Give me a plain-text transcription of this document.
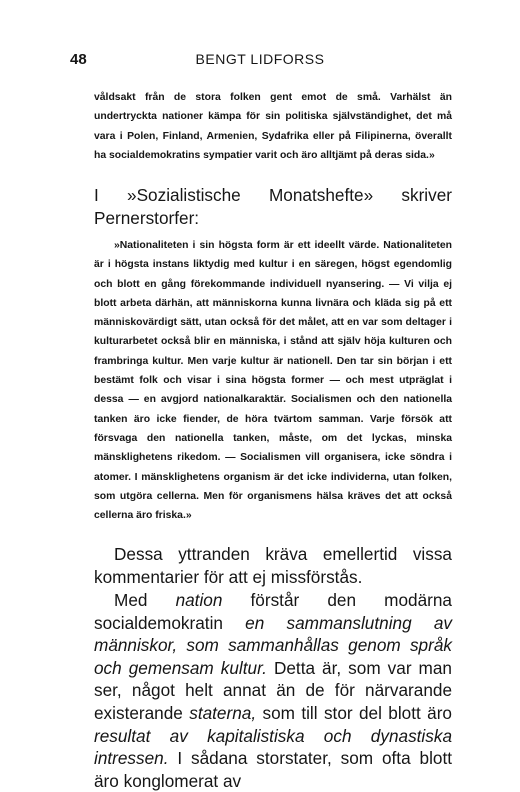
48	BENGT LIDFORSS

våldsakt från de stora folken gent emot de små. Varhälst än undertryckta nationer kämpa för sin politiska självständighet, det må vara i Polen, Finland, Armenien, Sydafrika eller på Filipinerna, överallt ha socialdemokratins sympatier varit och äro alltjämt på deras sida.»

I »Sozialistische Monatshefte» skriver Pernerstorfer:

»Nationaliteten i sin högsta form är ett ideellt värde. Nationaliteten är i högsta instans liktydig med kultur i en säregen, högst egendomlig och blott en gång förekommande individuell nyansering. — Vi vilja ej blott arbeta därhän, att människorna kunna livnära och kläda sig på ett människovärdigt sätt, utan också för det målet, att en var som deltager i kulturarbetet också blir en människa, i stånd att själv höja kulturen och frambringa kultur. Men varje kultur är nationell. Den tar sin början i ett bestämt folk och visar i sina högsta former — och mest utpräglat i dessa — en avgjord nationalkaraktär. Socialismen och den nationella tanken äro icke fiender, de höra tvärtom samman. Varje försök att försvaga den nationella tanken, måste, om det lyckas, minska mänsklighetens rikedom. — Socialismen vill organisera, icke söndra i atomer. I mänsklighetens organism är det icke individerna, utan folken, som utgöra cellerna. Men för organismens hälsa kräves det att också cellerna äro friska.»

Dessa yttranden kräva emellertid vissa kommentarier för att ej missförstås.

Med nation förstår den modärna socialdemokratin en sammanslutning av människor, som sammanhållas genom språk och gemensam kultur. Detta är, som var man ser, något helt annat än de för närvarande existerande staterna, som till stor del blott äro resultat av kapitalistiska och dynastiska intressen. I sådana storstater, som ofta blott äro konglomerat av
